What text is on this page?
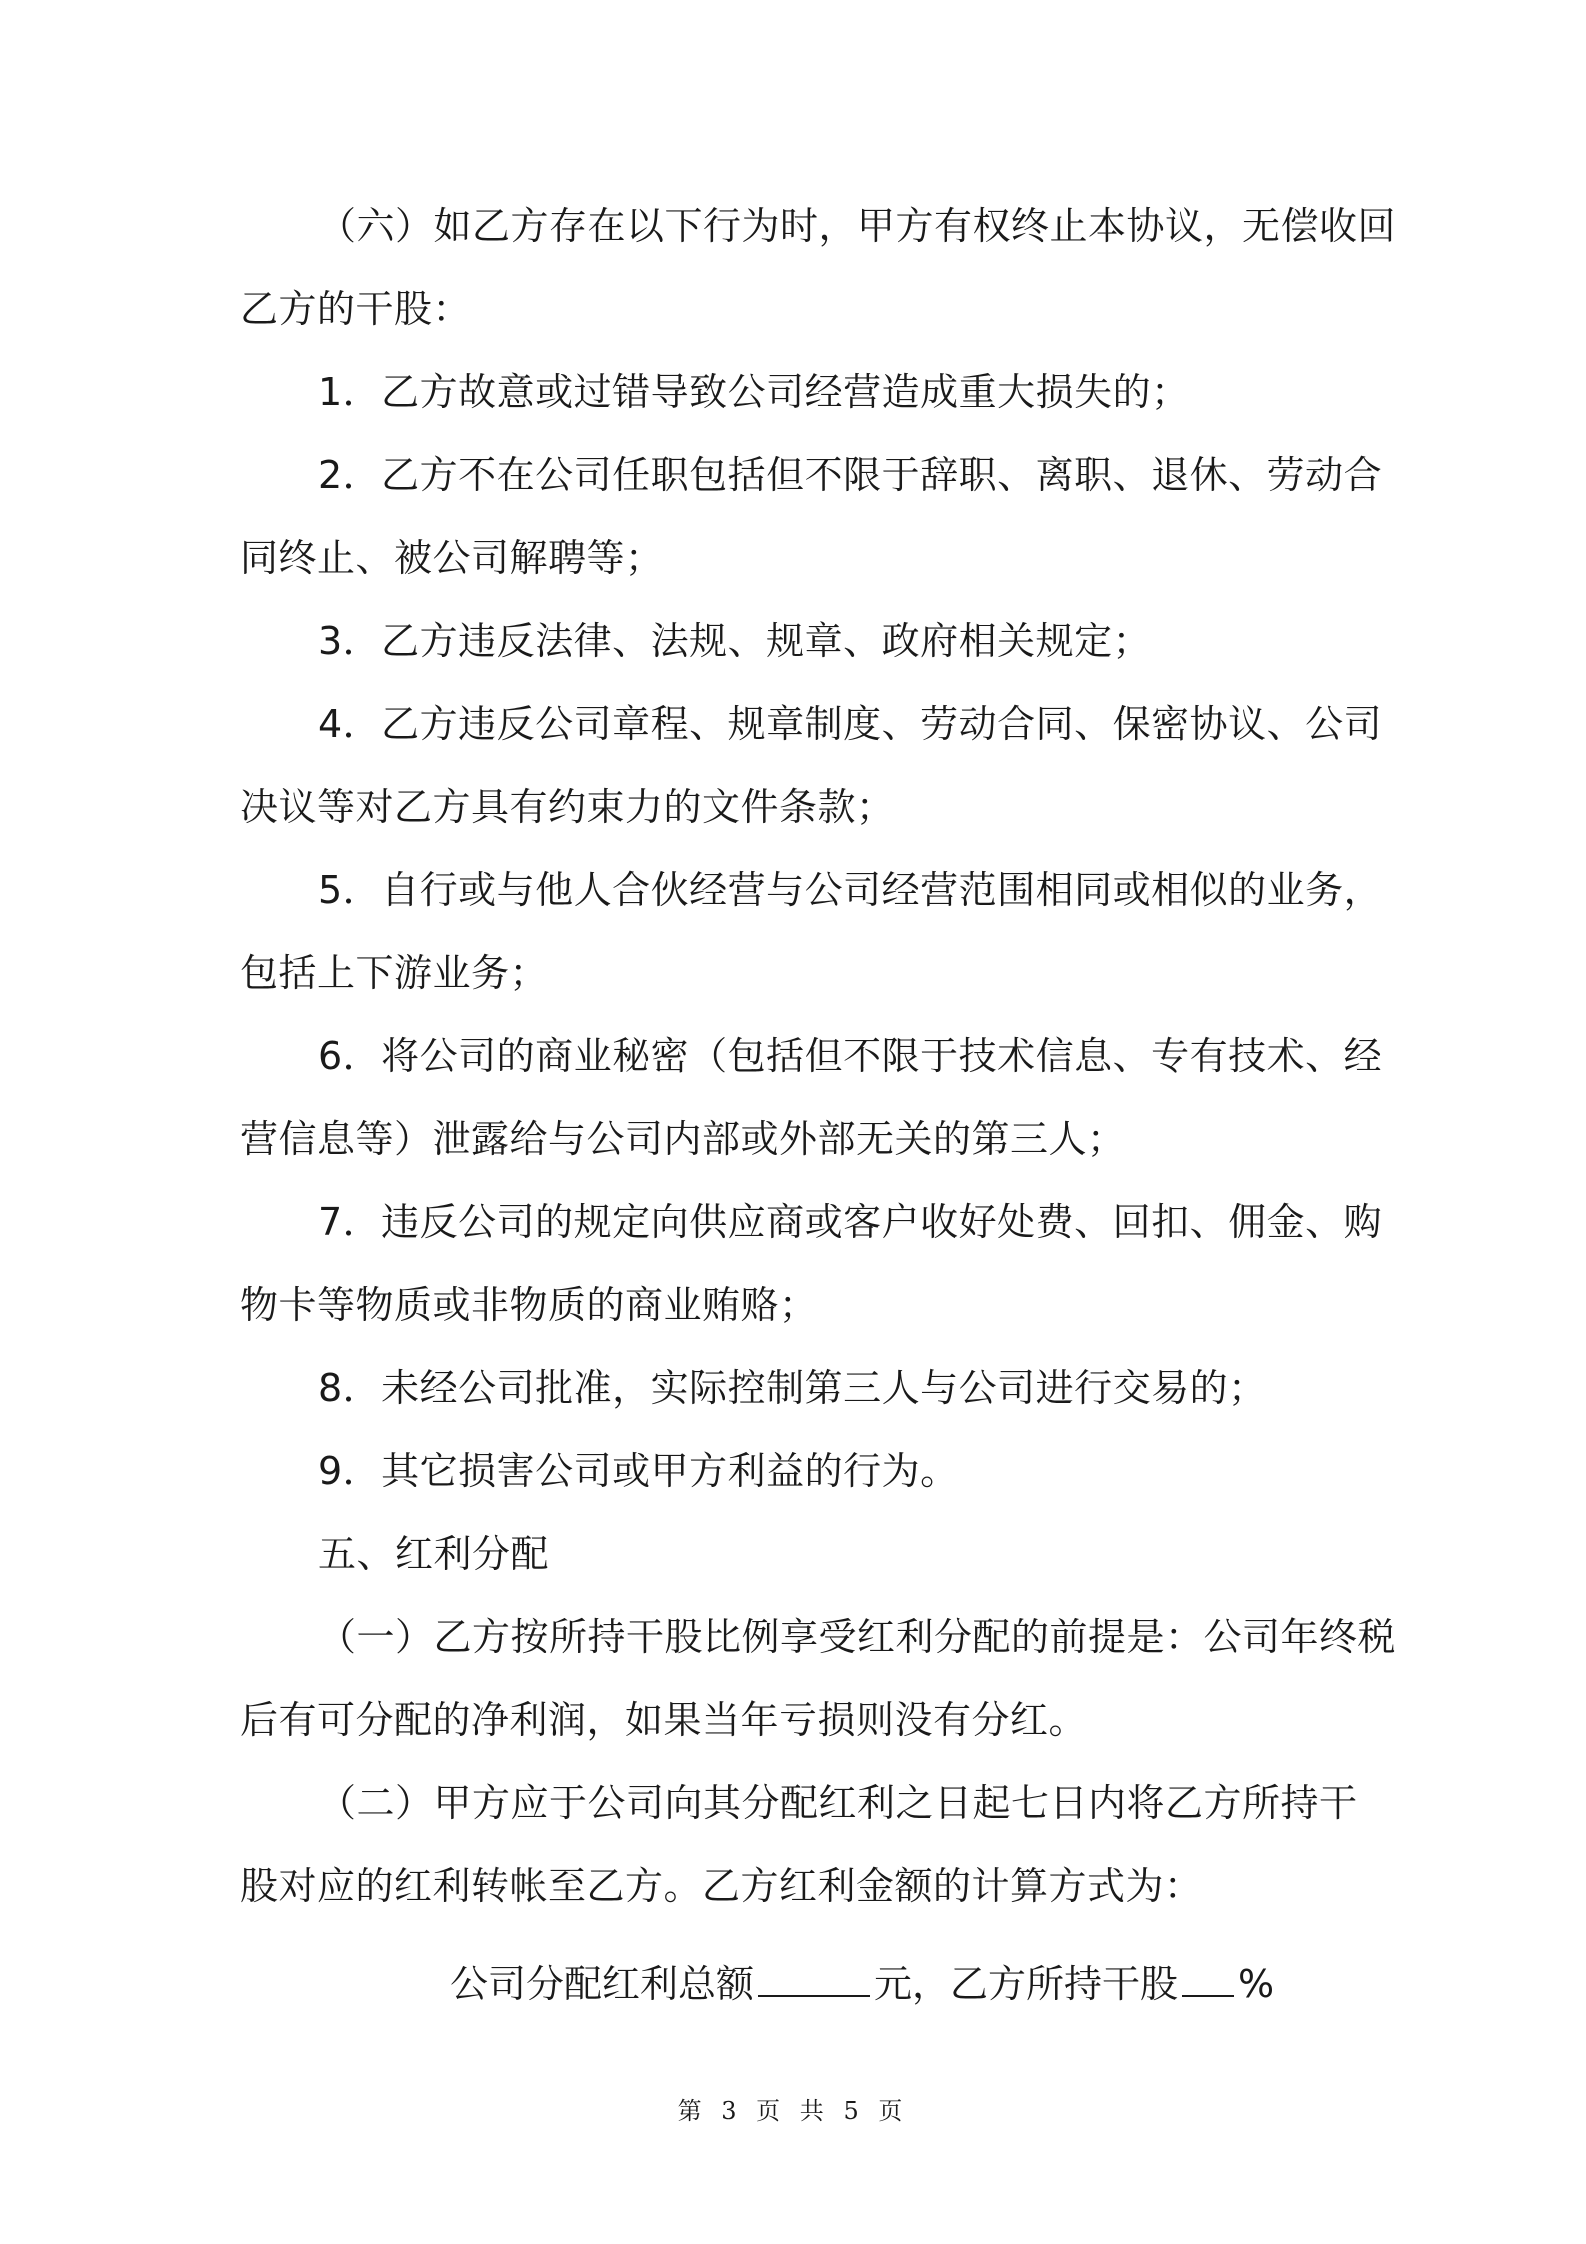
（六）如乙方存在以下行为时，甲方有权终止本协议，无偿收回
乙方的干股：
1．乙方故意或过错导致公司经营造成重大损失的；
2．乙方不在公司任职包括但不限于辞职、离职、退休、劳动合
同终止、被公司解聘等；
3．乙方违反法律、法规、规章、政府相关规定；
4．乙方违反公司章程、规章制度、劳动合同、保密协议、公司
决议等对乙方具有约束力的文件条款；
5．自行或与他人合伙经营与公司经营范围相同或相似的业务，
包括上下游业务；
6．将公司的商业秘密（包括但不限于技术信息、专有技术、经
营信息等）泄露给与公司内部或外部无关的第三人；
7．违反公司的规定向供应商或客户收好处费、回扣、佣金、购
物卡等物质或非物质的商业贿赂；
8．未经公司批准，实际控制第三人与公司进行交易的；
9．其它损害公司或甲方利益的行为。
五、红利分配
（一）乙方按所持干股比例享受红利分配的前提是：公司年终税
后有可分配的净利润，如果当年亏损则没有分红。
（二）甲方应于公司向其分配红利之日起七日内将乙方所持干
股对应的红利转帐至乙方。乙方红利金额的计算方式为：
公司分配红利总额	元，乙方所持干股 %
第 3 页 共 5 页
